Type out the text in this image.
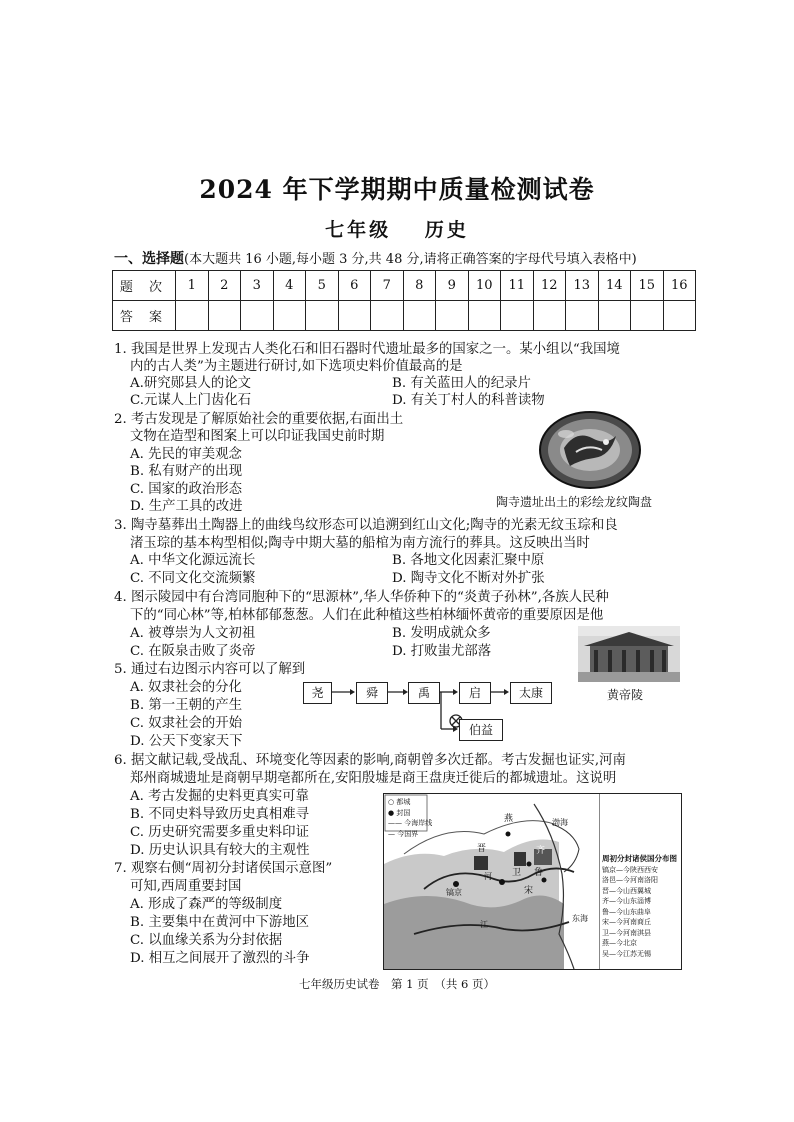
2024 年下学期期中质量检测试卷
七年级 历史
一、选择题(本大题共 16 小题,每小题 3 分,共 48 分,请将正确答案的字母代号填入表格中)
题 次	1	2	3	4	5	6	7	8	9	10	11	12	13	14	15	16
答 案																
1. 我国是世界上发现古人类化石和旧石器时代遗址最多的国家之一。某小组以“我国境
内的古人类”为主题进行研讨,如下选项史料价值最高的是
A.研究郧县人的论文	B. 有关蓝田人的纪录片
C.元谋人上门齿化石	D. 有关丁村人的科普读物
2. 考古发现是了解原始社会的重要依据,右面出土
文物在造型和图案上可以印证我国史前时期
A. 先民的审美观念
B. 私有财产的出现
C. 国家的政治形态
D. 生产工具的改进	陶寺遗址出土的彩绘龙纹陶盘
3. 陶寺墓葬出土陶器上的曲线鸟纹形态可以追溯到红山文化;陶寺的光素无纹玉琮和良
渚玉琮的基本构型相似;陶寺中期大墓的船棺为南方流行的葬具。这反映出当时
A. 中华文化源远流长	B. 各地文化因素汇聚中原
C. 不同文化交流频繁	D. 陶寺文化不断对外扩张
4. 图示陵园中有台湾同胞种下的“思源林”,华人华侨种下的“炎黄子孙林”,各族人民种
下的“同心林”等,柏林郁郁葱葱。人们在此种植这些柏林缅怀黄帝的重要原因是他
A. 被尊崇为人文初祖	B. 发明成就众多
C. 在阪泉击败了炎帝	D. 打败蚩尤部落
黄帝陵
5. 通过右边图示内容可以了解到
A. 奴隶社会的分化
B. 第一王朝的产生
C. 奴隶社会的开始
D. 公天下变家天下
尧	舜	禹	启	太康
伯益
6. 据文献记载,受战乱、环境变化等因素的影响,商朝曾多次迁都。考古发掘也证实,河南
郑州商城遗址是商朝早期亳都所在,安阳殷墟是商王盘庚迁徙后的都城遗址。这说明
A. 考古发掘的史料更真实可靠
B. 不同史料导致历史真相难寻
C. 历史研究需要多重史料印证
D. 历史认识具有较大的主观性
7. 观察右侧“周初分封诸侯国示意图”
可知,西周重要封国
A. 形成了森严的等级制度
B. 主要集中在黄河中下游地区
C. 以血缘关系为分封依据
D. 相互之间展开了激烈的斗争
○ 都城
● 封国
—— 今海岸线
— 今国界
燕
齐
鲁
卫
宋
晋
镐京
渤海
东海
河
江
周初分封诸侯国分布图
镐京—今陕西西安
洛邑—今河南洛阳
晋—今山西翼城
齐—今山东淄博
鲁—今山东曲阜
宋—今河南商丘
卫—今河南淇县
燕—今北京
吴—今江苏无锡
七年级历史试卷　第 1 页　（共 6 页）
